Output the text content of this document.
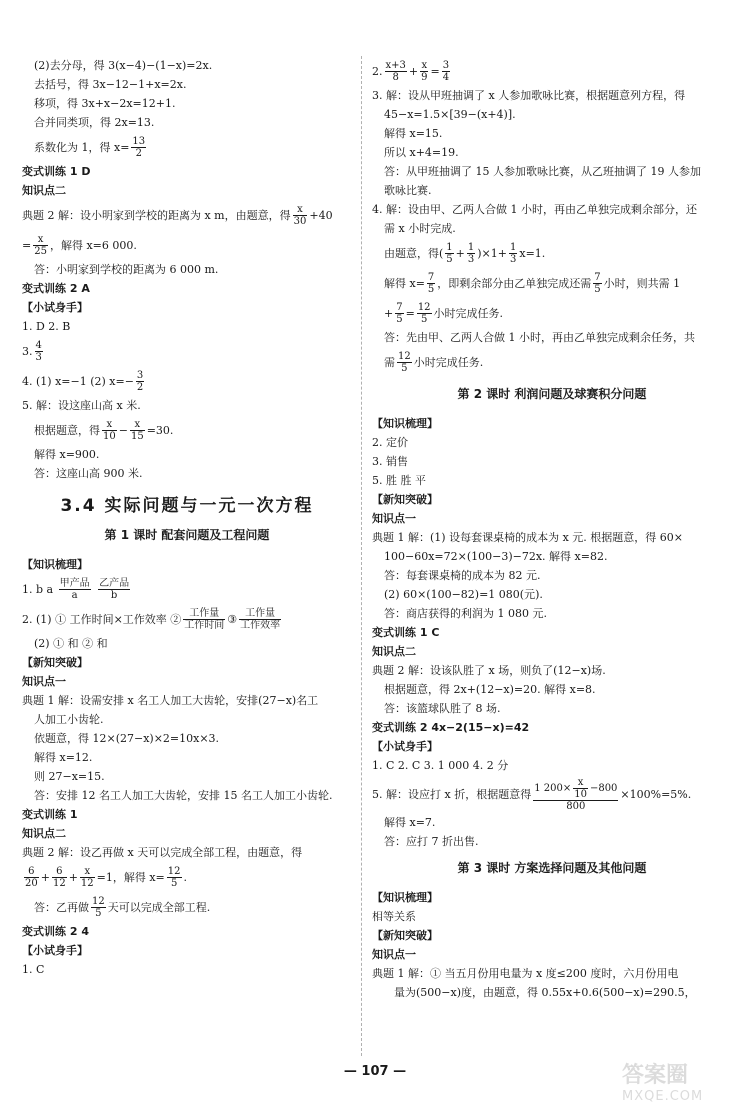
(2)去分母，得 3(x−4)−(1−x)=2x.
去括号，得 3x−12−1+x=2x.
移项，得 3x+x−2x=12+1.
合并同类项，得 2x=13.
系数化为 1，得 $x= \frac{13}{2}$
变式训练 1 D
知识点二
典题 2 解：设小明家到学校的距离为 x m，由题意，得 $\frac{x}{30} +40$
= $\frac{x}{25}$ ，解得 x=6 000.
答：小明家到学校的距离为 6 000 m.
变式训练 2 A
【小试身手】
1. D 2. B
3. $\frac{4}{3}$
4. (1) x=−1 (2) $x=- \frac{3}{2}$
5. 解：设这座山高 x 米.
根据题意，得 $\frac{x}{10} - \frac{x}{15} =30$.
解得 x=900.
答：这座山高 900 米.
3.4 实际问题与一元一次方程
第 1 课时 配套问题及工程问题
【知识梳理】
1. b a
$\frac{\text{甲产品}}{a}$
$\frac{\text{乙产品}}{b}$
2. (1) ① 工作时间×工作效率 ② $\frac{\text{工作量}}{\text{工作时间}}$ ③ $\frac{\text{工作量}}{\text{工作效率}}$
(2) ① 和 ② 和
【新知突破】
知识点一
典题 1 解：设需安排 x 名工人加工大齿轮，安排(27−x)名工
人加工小齿轮.
依题意，得 12×(27−x)×2=10x×3.
解得 x=12.
则 27−x=15.
答：安排 12 名工人加工大齿轮，安排 15 名工人加工小齿轮.
变式训练 1
知识点二
典题 2 解：设乙再做 x 天可以完成全部工程，由题意，得
$\frac{6}{20} + \frac{6}{12} + \frac{x}{12} =1$，解得 $x= \frac{12}{5}$ .
答：乙再做 $\frac{12}{5}$ 天可以完成全部工程.
变式训练 2 4
【小试身手】
1. C
2. $\frac{x+3}{8} + \frac{x}{9} = \frac{3}{4}$
3. 解：设从甲班抽调了 x 人参加歌咏比赛，根据题意列方程，得
45−x=1.5×[39−(x+4)].
解得 x=15.
所以 x+4=19.
答：从甲班抽调了 15 人参加歌咏比赛，从乙班抽调了 19 人参加
歌咏比赛.
4. 解：设由甲、乙两人合做 1 小时，再由乙单独完成剩余部分，还
需 x 小时完成.
由题意，得( $\frac{1}{5} + \frac{1}{3} )\times 1+ \frac{1}{3} x=1$.
解得 $x= \frac{7}{5}$ ，即剩余部分由乙单独完成还需 $\frac{7}{5}$ 小时，则共需 1
+ $\frac{7}{5} = \frac{12}{5}$ 小时完成任务.
答：先由甲、乙两人合做 1 小时，再由乙单独完成剩余任务，共
需 $\frac{12}{5}$ 小时完成任务.
第 2 课时 利润问题及球赛积分问题
【知识梳理】
2. 定价
3. 销售
5. 胜 胜 平
【新知突破】
知识点一
典题 1 解：(1) 设每套课桌椅的成本为 x 元. 根据题意，得 60×
100−60x=72×(100−3)−72x. 解得 x=82.
答：每套课桌椅的成本为 82 元.
(2) 60×(100−82)=1 080(元).
答：商店获得的利润为 1 080 元.
变式训练 1 C
知识点二
典题 2 解：设该队胜了 x 场，则负了(12−x)场.
根据题意，得 2x+(12−x)=20. 解得 x=8.
答：该篮球队胜了 8 场.
变式训练 2 4x−2(15−x)=42
【小试身手】
1. C 2. C 3. 1 000 4. 2 分
5. 解：设应打 x 折，根据题意得 $\frac{1 200\times \frac{x}{10} -800}{800} \times 100\%=5\%$.
解得 x=7.
答：应打 7 折出售.
第 3 课时 方案选择问题及其他问题
【知识梳理】
相等关系
【新知突破】
知识点一
典题 1 解：① 当五月份用电量为 x 度≤200 度时，六月份用电
量为(500−x)度，由题意，得 0.55x+0.6(500−x)=290.5，
— 107 —	答案圈
MXQE.COM
